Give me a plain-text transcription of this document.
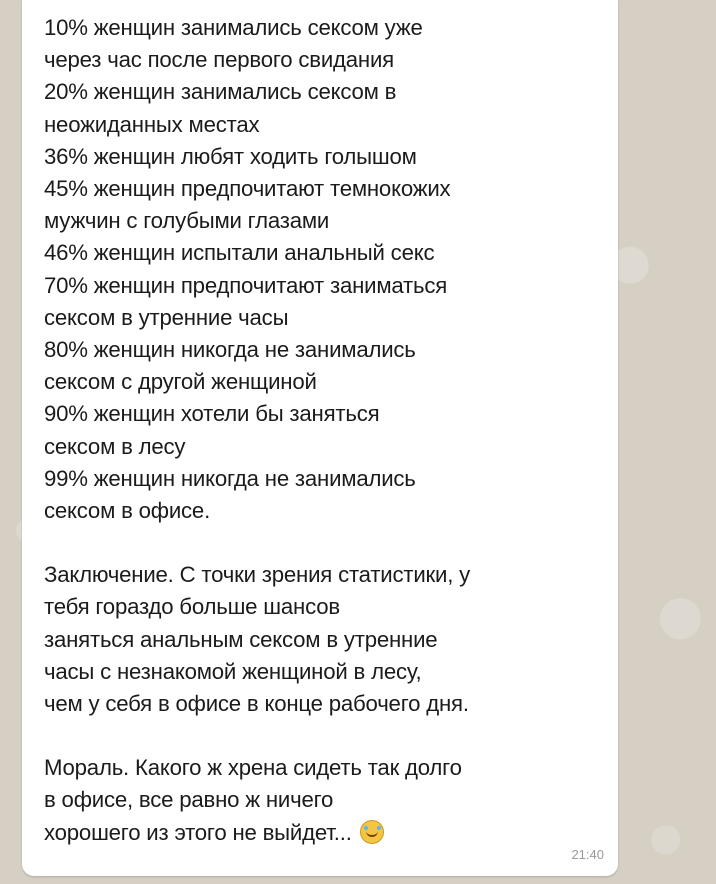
10% женщин занимались сексом уже
через час после первого свидания
20% женщин занимались сексом в
неожиданных местах
36% женщин любят ходить голышом
45% женщин предпочитают темнокожих
мужчин с голубыми глазами
46% женщин испытали анальный секс
70% женщин предпочитают заниматься
сексом в утренние часы
80% женщин никогда не занимались
сексом с другой женщиной
90% женщин хотели бы заняться
сексом в лесу
99% женщин никогда не занимались
сексом в офисе.
Заключение. С точки зрения статистики, у
тебя гораздо больше шансов
заняться анальным сексом в утренние
часы с незнакомой женщиной в лесу,
чем у себя в офисе в конце рабочего дня.
Мораль. Какого ж хрена сидеть так долго
в офисе, все равно ж ничего
хорошего из этого не выйдет...
21:40
